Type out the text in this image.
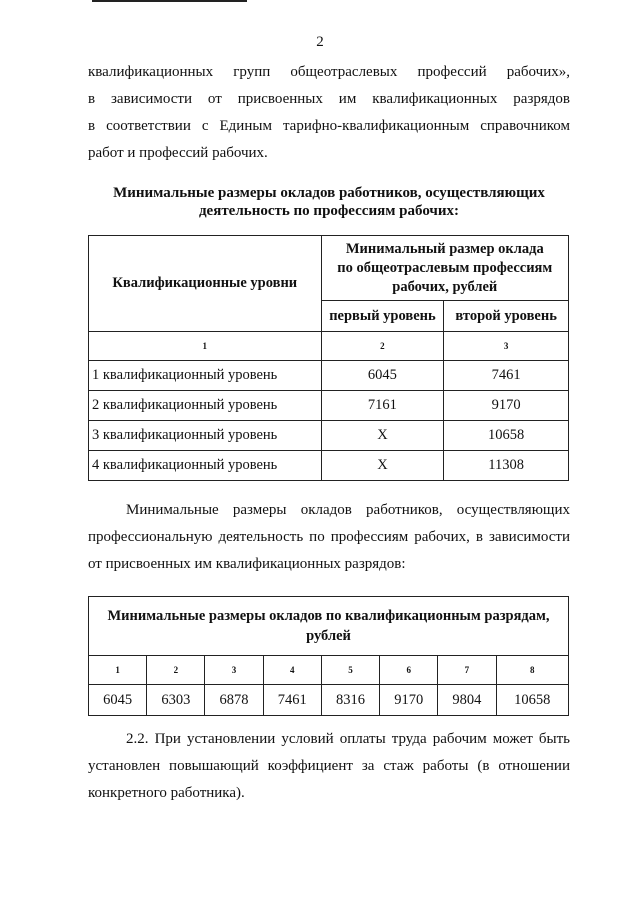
2
квалификационных групп общеотраслевых профессий рабочих»,
в зависимости от присвоенных им квалификационных разрядов
в соответствии с Единым тарифно-квалификационным справочником
работ и профессий рабочих.
Минимальные размеры окладов работников, осуществляющих
деятельность по профессиям рабочих:
Квалификационные уровни	Минимальный размер оклада
по общеотраслевым профессиям
рабочих, рублей	

	первый уровень	второй уровень
1	2	3
1 квалификационный уровень	6045	7461
2 квалификационный уровень	7161	9170
3 квалификационный уровень	Х	10658
4 квалификационный уровень	Х	11308
Минимальные размеры окладов работников, осуществляющих
профессиональную деятельность по профессиям рабочих, в зависимости
от присвоенных им квалификационных разрядов:
Минимальные размеры окладов по квалификационным разрядам,
рублей							

1	2	3	4	5	6	7	8
6045	6303	6878	7461	8316	9170	9804	10658
2.2. При установлении условий оплаты труда рабочим может быть
установлен повышающий коэффициент за стаж работы (в отношении
конкретного работника).
